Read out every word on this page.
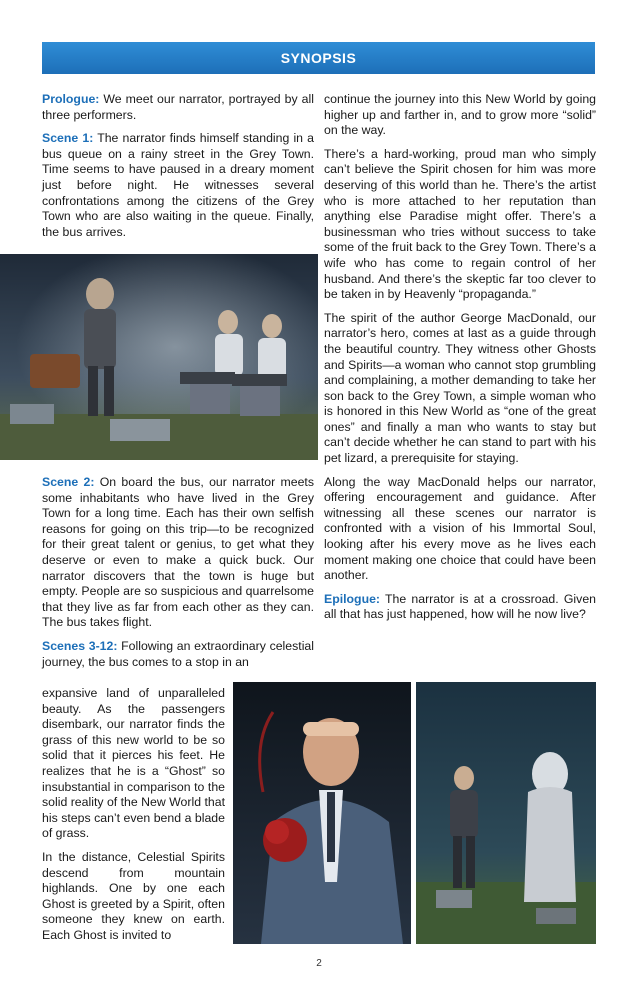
SYNOPSIS

Prologue: We meet our narrator, portrayed by all three performers.

Scene 1: The narrator finds himself standing in a bus queue on a rainy street in the Grey Town. Time seems to have paused in a dreary moment just before night. He witnesses several confrontations among the citizens of the Grey Town who are also waiting in the queue. Finally, the bus arrives.

Scene 2: On board the bus, our narrator meets some inhabitants who have lived in the Grey Town for a long time. Each has their own selfish reasons for going on this trip—to be recognized for their great talent or genius, to get what they deserve or even to make a quick buck. Our narrator discovers that the town is huge but empty. People are so suspicious and quarrelsome that they live as far from each other as they can. The bus takes flight.

Scenes 3-12: Following an extraordinary celestial journey, the bus comes to a stop in an

expansive land of unparalleled beauty. As the passengers disembark, our narrator finds the grass of this new world to be so solid that it pierces his feet. He realizes that he is a “Ghost” so insubstantial in comparison to the solid reality of the New World that his steps can’t even bend a blade of grass.

In the distance, Celestial Spirits descend from mountain highlands. One by one each Ghost is greeted by a Spirit, often someone they knew on earth. Each Ghost is invited to

continue the journey into this New World by going higher up and farther in, and to grow more “solid” on the way.

There’s a hard-working, proud man who simply can’t believe the Spirit chosen for him was more deserving of this world than he. There’s the artist who is more attached to her reputation than anything else Paradise might offer. There’s a businessman who tries without success to take some of the fruit back to the Grey Town. There’s a wife who has come to regain control of her husband. And there’s the skeptic far too clever to be taken in by Heavenly “propaganda.”

The spirit of the author George MacDonald, our narrator’s hero, comes at last as a guide through the beautiful country. They witness other Ghosts and Spirits—a woman who cannot stop grumbling and complaining, a mother demanding to take her son back to the Grey Town, a simple woman who is honored in this New World as “one of the great ones” and finally a man who wants to stay but can’t decide whether he can stand to part with his pet lizard, a prerequisite for staying.

Along the way MacDonald helps our narrator, offering encouragement and guidance. After witnessing all these scenes our narrator is confronted with a vision of his Immortal Soul, looking after his every move as he lives each moment making one choice that could have been another.

Epilogue: The narrator is at a crossroad. Given all that has just happened, how will he now live?

2
